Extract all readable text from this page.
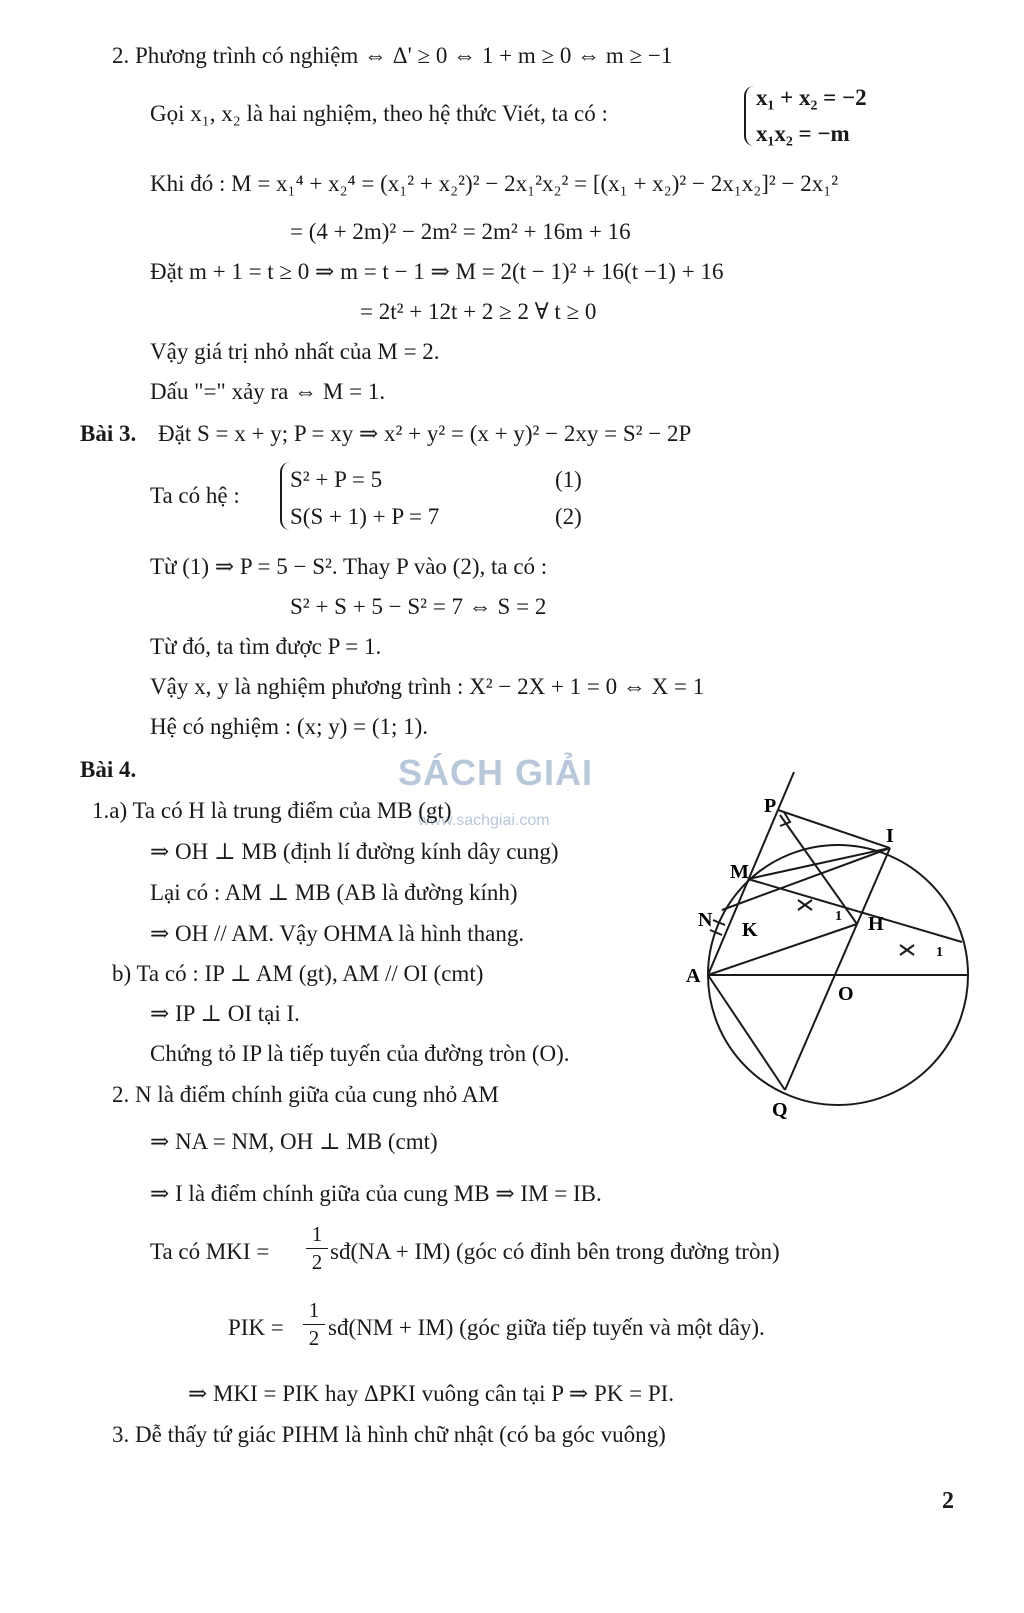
2. Phương trình có nghiệm ⇔ Δ' ≥ 0 ⇔ 1 + m ≥ 0 ⇔ m ≥ −1
Gọi x₁, x₂ là hai nghiệm, theo hệ thức Viét, ta có :
x₁ + x₂ = −2
x₁x₂ = −m
Khi đó : M = x₁⁴ + x₂⁴ = (x₁² + x₂²)² − 2x₁²x₂² = [(x₁ + x₂)² − 2x₁x₂]² − 2x₁²
= (4 + 2m)² − 2m² = 2m² + 16m + 16
Đặt m + 1 = t ≥ 0 ⇒ m = t − 1 ⇒ M = 2(t − 1)² + 16(t −1) + 16
= 2t² + 12t + 2 ≥ 2 ∀ t ≥ 0
Vậy giá trị nhỏ nhất của M = 2.
Dấu "=" xảy ra ⇔ M = 1.
Bài 3. Đặt S = x + y; P = xy ⇒ x² + y² = (x + y)² − 2xy = S² − 2P
Ta có hệ :
S² + P = 5	(1)
S(S + 1) + P = 7	(2)
Từ (1) ⇒ P = 5 − S². Thay P vào (2), ta có :
S² + S + 5 − S² = 7 ⇔ S = 2
Từ đó, ta tìm được P = 1.
Vậy x, y là nghiệm phương trình : X² − 2X + 1 = 0 ⇔ X = 1
Hệ có nghiệm : (x; y) = (1; 1).
SÁCH GIẢI
www.sachgiai.com
Bài 4.
1.a) Ta có H là trung điểm của MB (gt)
⇒ OH ⊥ MB (định lí đường kính dây cung)
Lại có : AM ⊥ MB (AB là đường kính)
⇒ OH // AM. Vậy OHMA là hình thang.
b) Ta có : IP ⊥ AM (gt), AM // OI (cmt)
⇒ IP ⊥ OI tại I.
Chứng tỏ IP là tiếp tuyến của đường tròn (O).
2. N là điểm chính giữa của cung nhỏ AM
⇒ NA = NM, OH ⊥ MB (cmt)
⇒ I là điểm chính giữa của cung MB ⇒ IM = IB.
Ta có MKI =
1
2 sđ(NA + IM) (góc có đỉnh bên trong đường tròn)
PIK =
1
2 sđ(NM + IM) (góc giữa tiếp tuyến và một dây).
⇒ MKI = PIK hay ΔPKI vuông cân tại P ⇒ PK = PI.
3. Dễ thấy tứ giác PIHM là hình chữ nhật (có ba góc vuông)
2
P
I
M
N K	H
A
O
Q
1
1
